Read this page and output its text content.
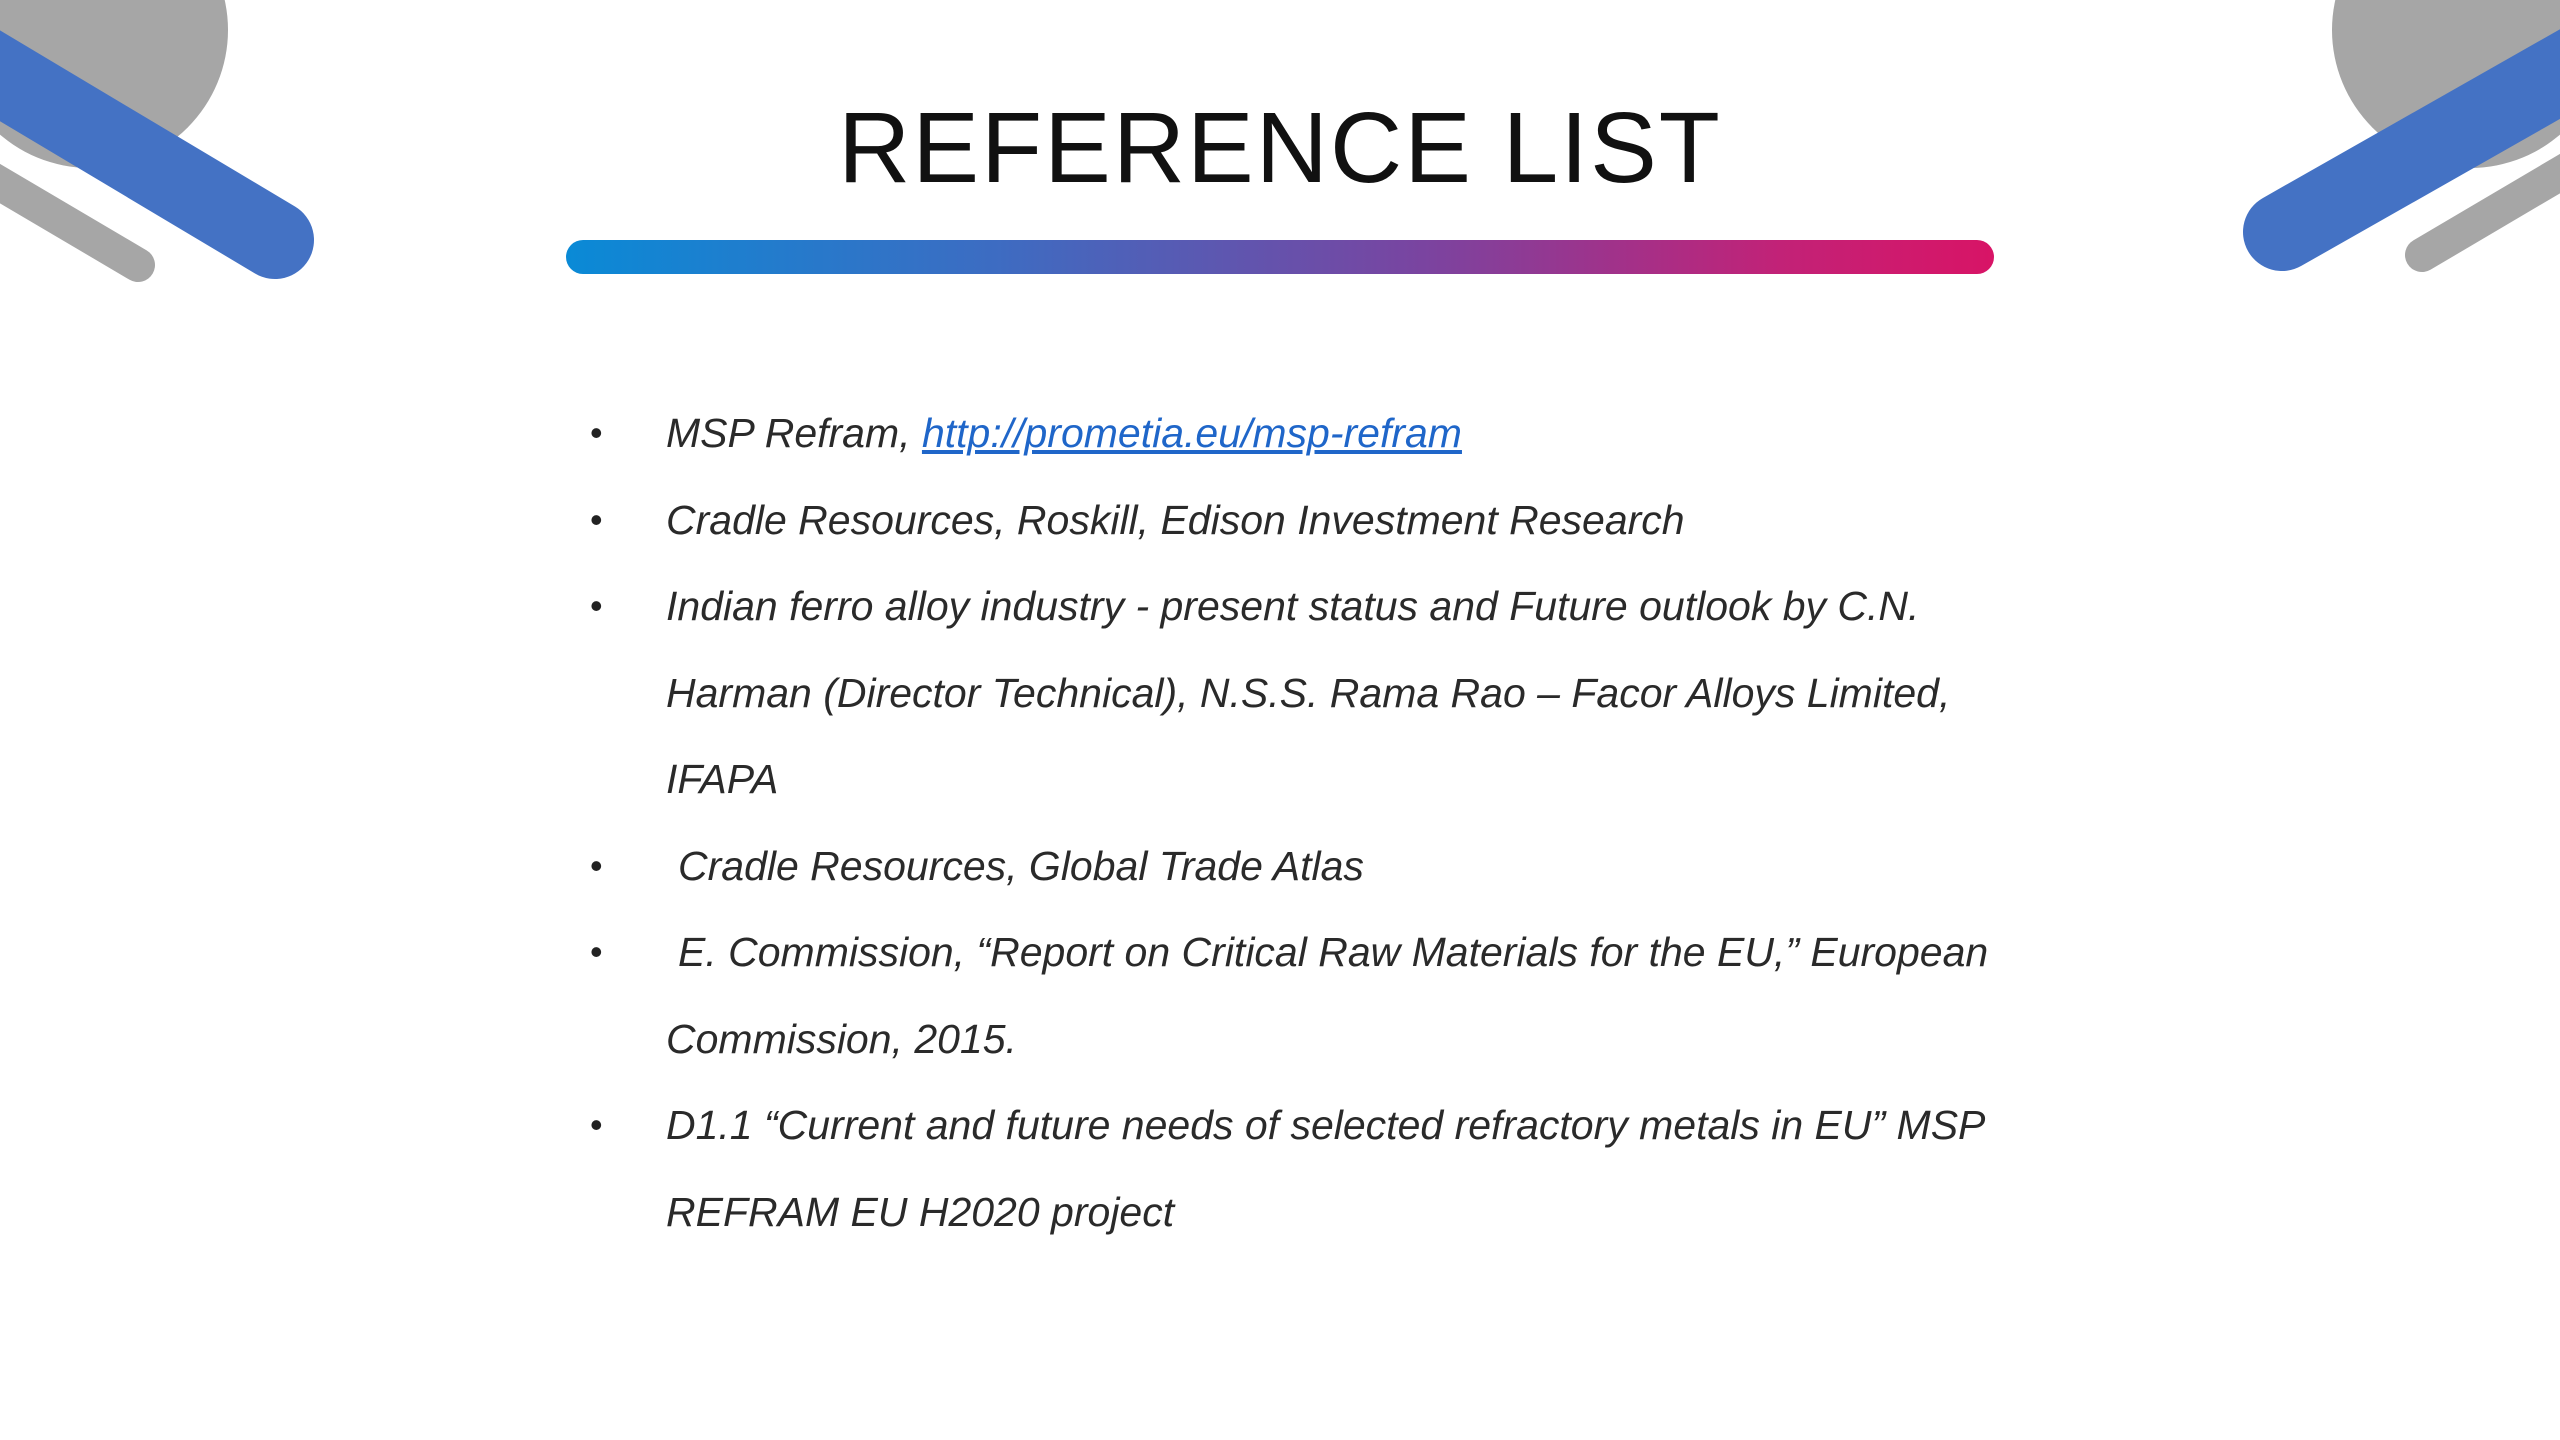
REFERENCE LIST
• MSP Refram, http://prometia.eu/msp-refram
• Cradle Resources, Roskill, Edison Investment Research
• Indian ferro alloy industry - present status and Future outlook by C.N. Harman (Director Technical), N.S.S. Rama Rao – Facor Alloys Limited, IFAPA
• Cradle Resources, Global Trade Atlas
• E. Commission, “Report on Critical Raw Materials for the EU,” European Commission, 2015.
• D1.1 “Current and future needs of selected refractory metals in EU” MSP REFRAM EU H2020 project
